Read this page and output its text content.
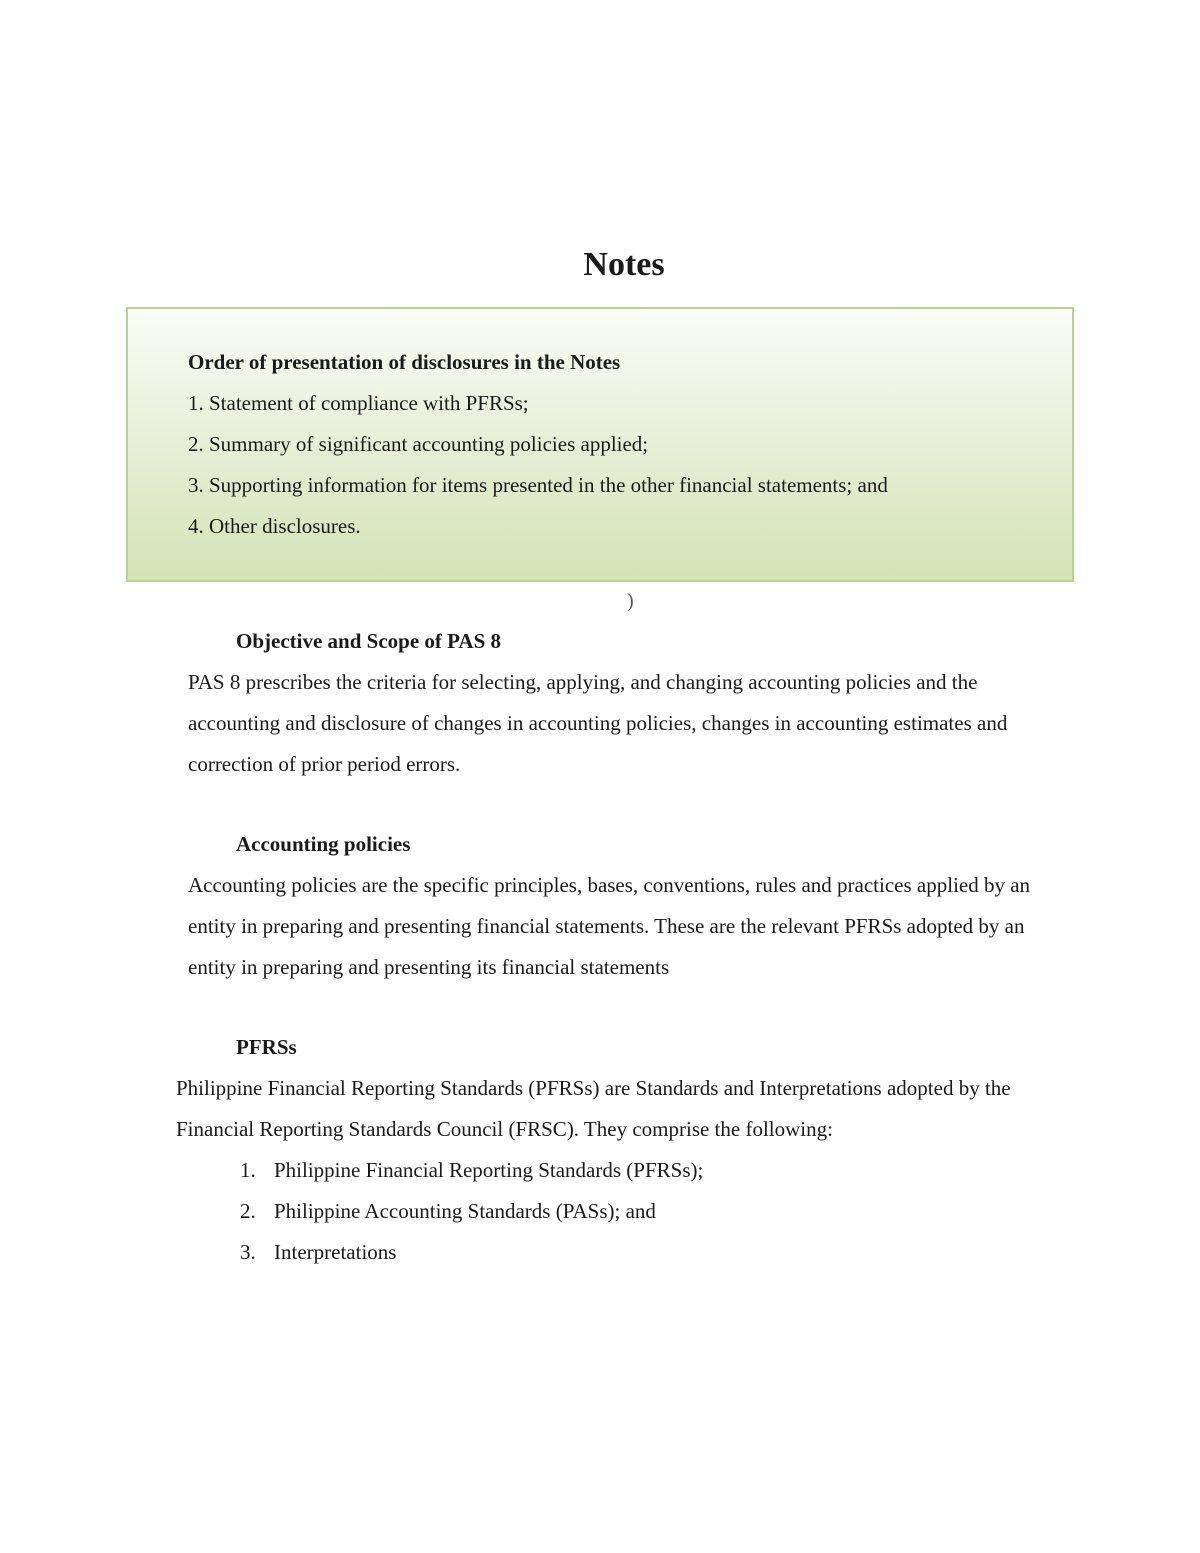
Notes

Order of presentation of disclosures in the Notes

1. Statement of compliance with PFRSs;
2. Summary of significant accounting policies applied;
3. Supporting information for items presented in the other financial statements; and
4. Other disclosures.
)

Objective and Scope of PAS 8

PAS 8 prescribes the criteria for selecting, applying, and changing accounting policies and the accounting and disclosure of changes in accounting policies, changes in accounting estimates and correction of prior period errors.

Accounting policies

Accounting policies are the specific principles, bases, conventions, rules and practices applied by an entity in preparing and presenting financial statements. These are the relevant PFRSs adopted by an entity in preparing and presenting its financial statements

PFRSs

Philippine Financial Reporting Standards (PFRSs) are Standards and Interpretations adopted by the Financial Reporting Standards Council (FRSC). They comprise the following:

1. Philippine Financial Reporting Standards (PFRSs);
2. Philippine Accounting Standards (PASs); and
3. Interpretations
